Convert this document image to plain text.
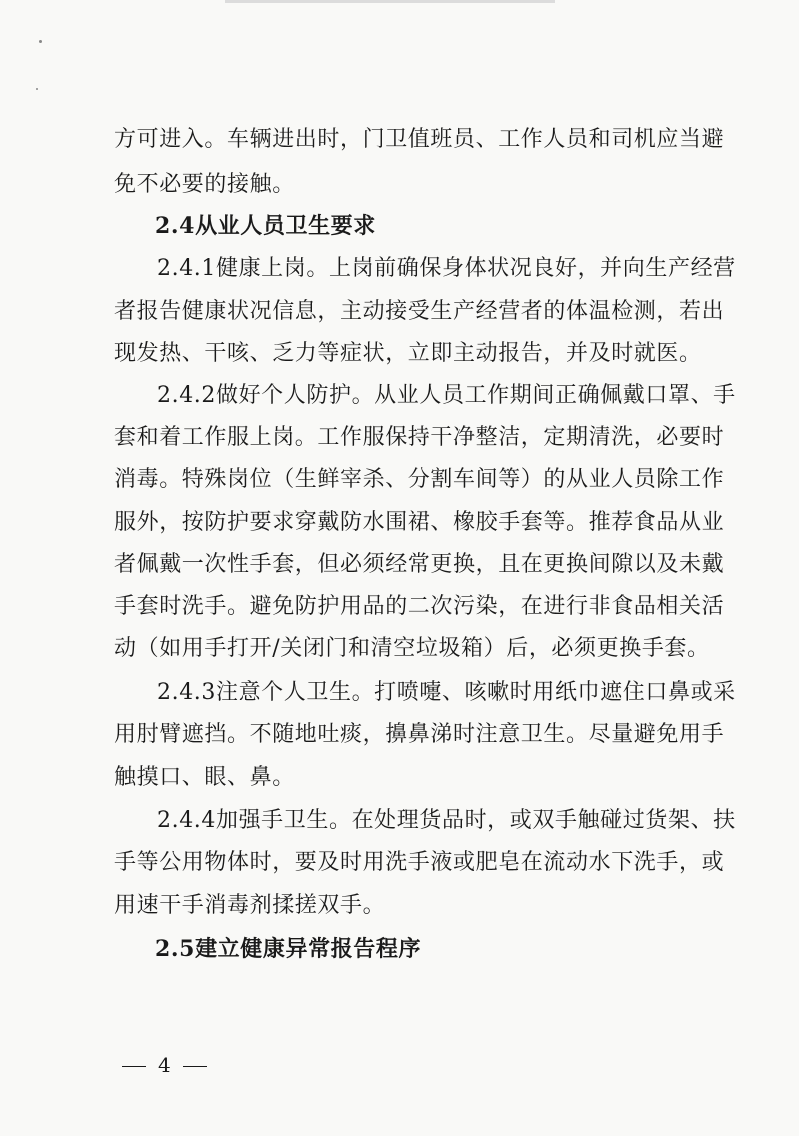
方可进入。车辆进出时，门卫值班员、工作人员和司机应当避
免不必要的接触。
2.4从业人员卫生要求
2.4.1健康上岗。上岗前确保身体状况良好，并向生产经营
者报告健康状况信息，主动接受生产经营者的体温检测，若出
现发热、干咳、乏力等症状，立即主动报告，并及时就医。
2.4.2做好个人防护。从业人员工作期间正确佩戴口罩、手
套和着工作服上岗。工作服保持干净整洁，定期清洗，必要时
消毒。特殊岗位（生鲜宰杀、分割车间等）的从业人员除工作
服外，按防护要求穿戴防水围裙、橡胶手套等。推荐食品从业
者佩戴一次性手套，但必须经常更换，且在更换间隙以及未戴
手套时洗手。避免防护用品的二次污染，在进行非食品相关活
动（如用手打开/关闭门和清空垃圾箱）后，必须更换手套。
2.4.3注意个人卫生。打喷嚏、咳嗽时用纸巾遮住口鼻或采
用肘臂遮挡。不随地吐痰，擤鼻涕时注意卫生。尽量避免用手
触摸口、眼、鼻。
2.4.4加强手卫生。在处理货品时，或双手触碰过货架、扶
手等公用物体时，要及时用洗手液或肥皂在流动水下洗手，或
用速干手消毒剂揉搓双手。
2.5建立健康异常报告程序
4
